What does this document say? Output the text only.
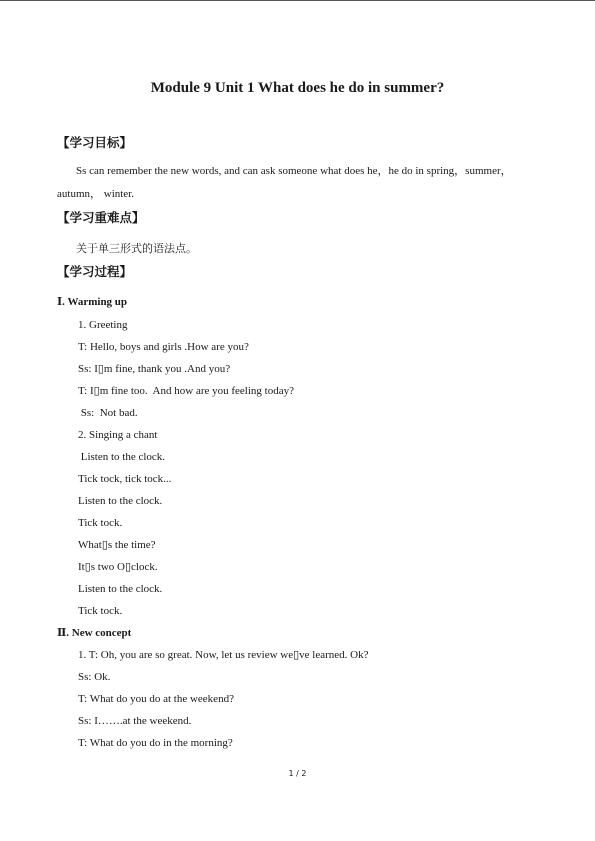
Module 9 Unit 1 What does he do in summer?
【学习目标】

Ss can remember the new words, and can ask someone what does he，he do in spring，summer， autumn， winter.

【学习重难点】
关于单三形式的语法点。
【学习过程】
Ⅰ. Warming up
1. Greeting
T: Hello, boys and girls .How are you?
Ss: I▯m fine, thank you .And you?
T: I▯m fine too.  And how are you feeling today?
Ss:  Not bad.
2. Singing a chant
Listen to the clock.
Tick tock, tick tock...
Listen to the clock.
Tick tock.
What▯s the time?
It▯s two O▯clock.
Listen to the clock.
Tick tock.
Ⅱ. New concept
1. T: Oh, you are so great. Now, let us review we▯ve learned. Ok?
Ss: Ok.
T: What do you do at the weekend?
Ss: I…….at the weekend.
T: What do you do in the morning?
1 / 2
